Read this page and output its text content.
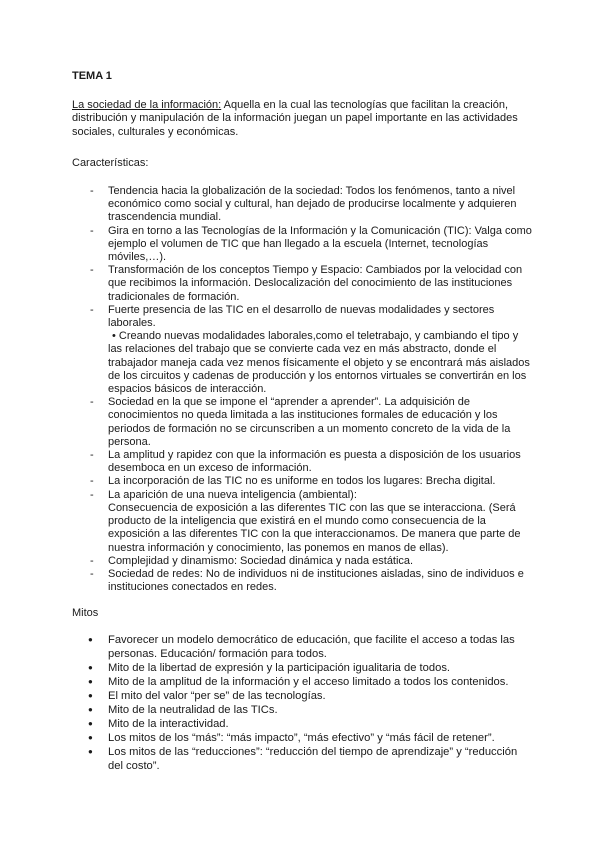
TEMA 1

La sociedad de la información: Aquella en la cual las tecnologías que facilitan la creación, distribución y manipulación de la información juegan un papel importante en las actividades sociales, culturales y económicas.

Características:
- Tendencia hacia la globalización de la sociedad: Todos los fenómenos, tanto a nivel económico como social y cultural, han dejado de producirse localmente y adquieren trascendencia mundial.
- Gira en torno a las Tecnologías de la Información y la Comunicación (TIC): Valga como ejemplo el volumen de TIC que han llegado a la escuela (Internet, tecnologías móviles,…).
- Transformación de los conceptos Tiempo y Espacio: Cambiados por la velocidad con que recibimos la información. Deslocalización del conocimiento de las instituciones tradicionales de formación.
- Fuerte presencia de las TIC en el desarrollo de nuevas modalidades y sectores laborales.
• Creando nuevas modalidades laborales,como el teletrabajo, y cambiando el tipo y las relaciones del trabajo que se convierte cada vez en más abstracto, donde el trabajador maneja cada vez menos físicamente el objeto y se encontrará más aislados de los circuitos y cadenas de producción y los entornos virtuales se convertirán en los espacios básicos de interacción.
- Sociedad en la que se impone el “aprender a aprender”. La adquisición de conocimientos no queda limitada a las instituciones formales de educación y los periodos de formación no se circunscriben a un momento concreto de la vida de la persona.
- La amplitud y rapidez con que la información es puesta a disposición de los usuarios desemboca en un exceso de información.
- La incorporación de las TIC no es uniforme en todos los lugares: Brecha digital.
- La aparición de una nueva inteligencia (ambiental):
Consecuencia de exposición a las diferentes TIC con las que se interacciona. (Será producto de la inteligencia que existirá en el mundo como consecuencia de la exposición a las diferentes TIC con la que interaccionamos. De manera que parte de nuestra información y conocimiento, las ponemos en manos de ellas).
- Complejidad y dinamismo: Sociedad dinámica y nada estática.
- Sociedad de redes: No de individuos ni de instituciones aisladas, sino de individuos e instituciones conectados en redes.
Mitos
● Favorecer un modelo democrático de educación, que facilite el acceso a todas las personas. Educación/ formación para todos.
● Mito de la libertad de expresión y la participación igualitaria de todos.
● Mito de la amplitud de la información y el acceso limitado a todos los contenidos.
● El mito del valor “per se” de las tecnologías.
● Mito de la neutralidad de las TICs.
● Mito de la interactividad.
● Los mitos de los “más”: “más impacto”, “más efectivo” y “más fácil de retener”.
● Los mitos de las “reducciones”: “reducción del tiempo de aprendizaje” y “reducción del costo”.
